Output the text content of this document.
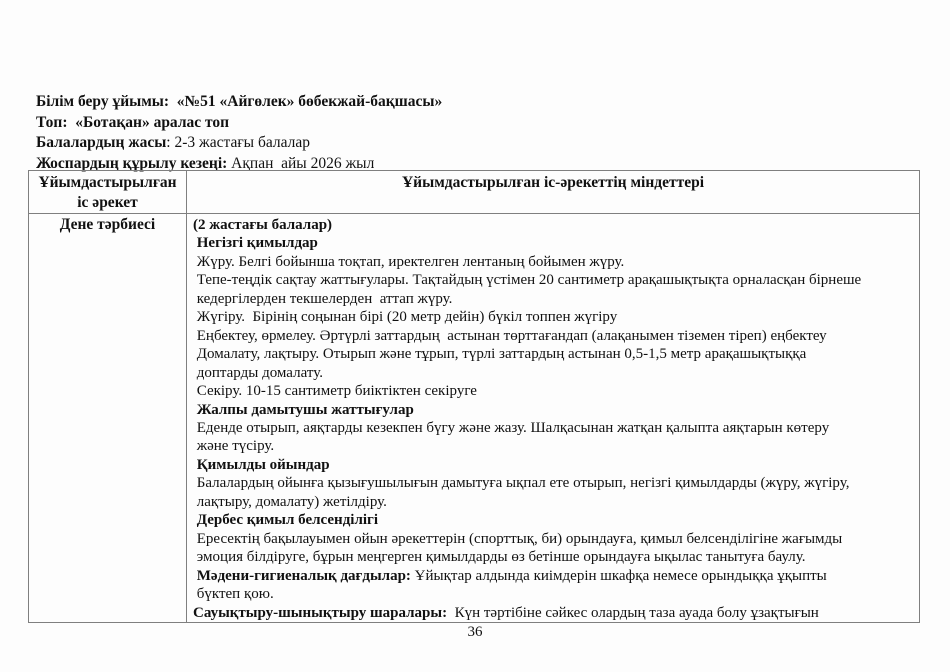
Білім беру ұйымы:  «№51 «Айгөлек» бөбекжай-бақшасы»
Топ:  «Ботақан» аралас топ
Балалардың жасы: 2-3 жастағы балалар
Жоспардың құрылу кезеңі: Ақпан  айы 2026 жыл
Ұйымдастырылған іс әрекет	Ұйымдастырылған іс-әрекеттің міндеттері
Дене тәрбиесі	(2 жастағы балалар)
Негізгі қимылдар
Жүру. Белгі бойынша тоқтап, иректелген лентаның бойымен жүру.
Тепе-теңдік сақтау жаттығулары. Тақтайдың үстімен 20 сантиметр арақашықтықта орналасқан бірнеше
кедергілерден текшелерден  аттап жүру.
Жүгіру.  Бірінің соңынан бірі (20 метр дейін) бүкіл топпен жүгіру
Еңбектеу, өрмелеу. Әртүрлі заттардың  астынан төрттағандап (алақанымен тіземен тіреп) еңбектеу
Домалату, лақтыру. Отырып және тұрып, түрлі заттардың астынан 0,5-1,5 метр арақашықтыққа
доптарды домалату.
Секіру. 10-15 сантиметр биіктіктен секіруге
Жалпы дамытушы жаттығулар
Еденде отырып, аяқтарды кезекпен бүгу және жазу. Шалқасынан жатқан қалыпта аяқтарын көтеру
және түсіру.
Қимылды ойындар
Балалардың ойынға қызығушылығын дамытуға ықпал ете отырып, негізгі қимылдарды (жүру, жүгіру,
лақтыру, домалату) жетілдіру.
Дербес қимыл белсенділігі
Ересектің бақылауымен ойын әрекеттерін (спорттық, би) орындауға, қимыл белсенділігіне жағымды
эмоция білдіруге, бұрын меңгерген қимылдарды өз бетінше орындауға ықылас танытуға баулу.
Мәдени-гигиеналық дағдылар: Ұйықтар алдында киімдерін шкафқа немесе орындыққа ұқыпты
бүктеп қою.
Сауықтыру-шынықтыру шаралары:  Күн тәртібіне сәйкес олардың таза ауада болу ұзақтығын
36
